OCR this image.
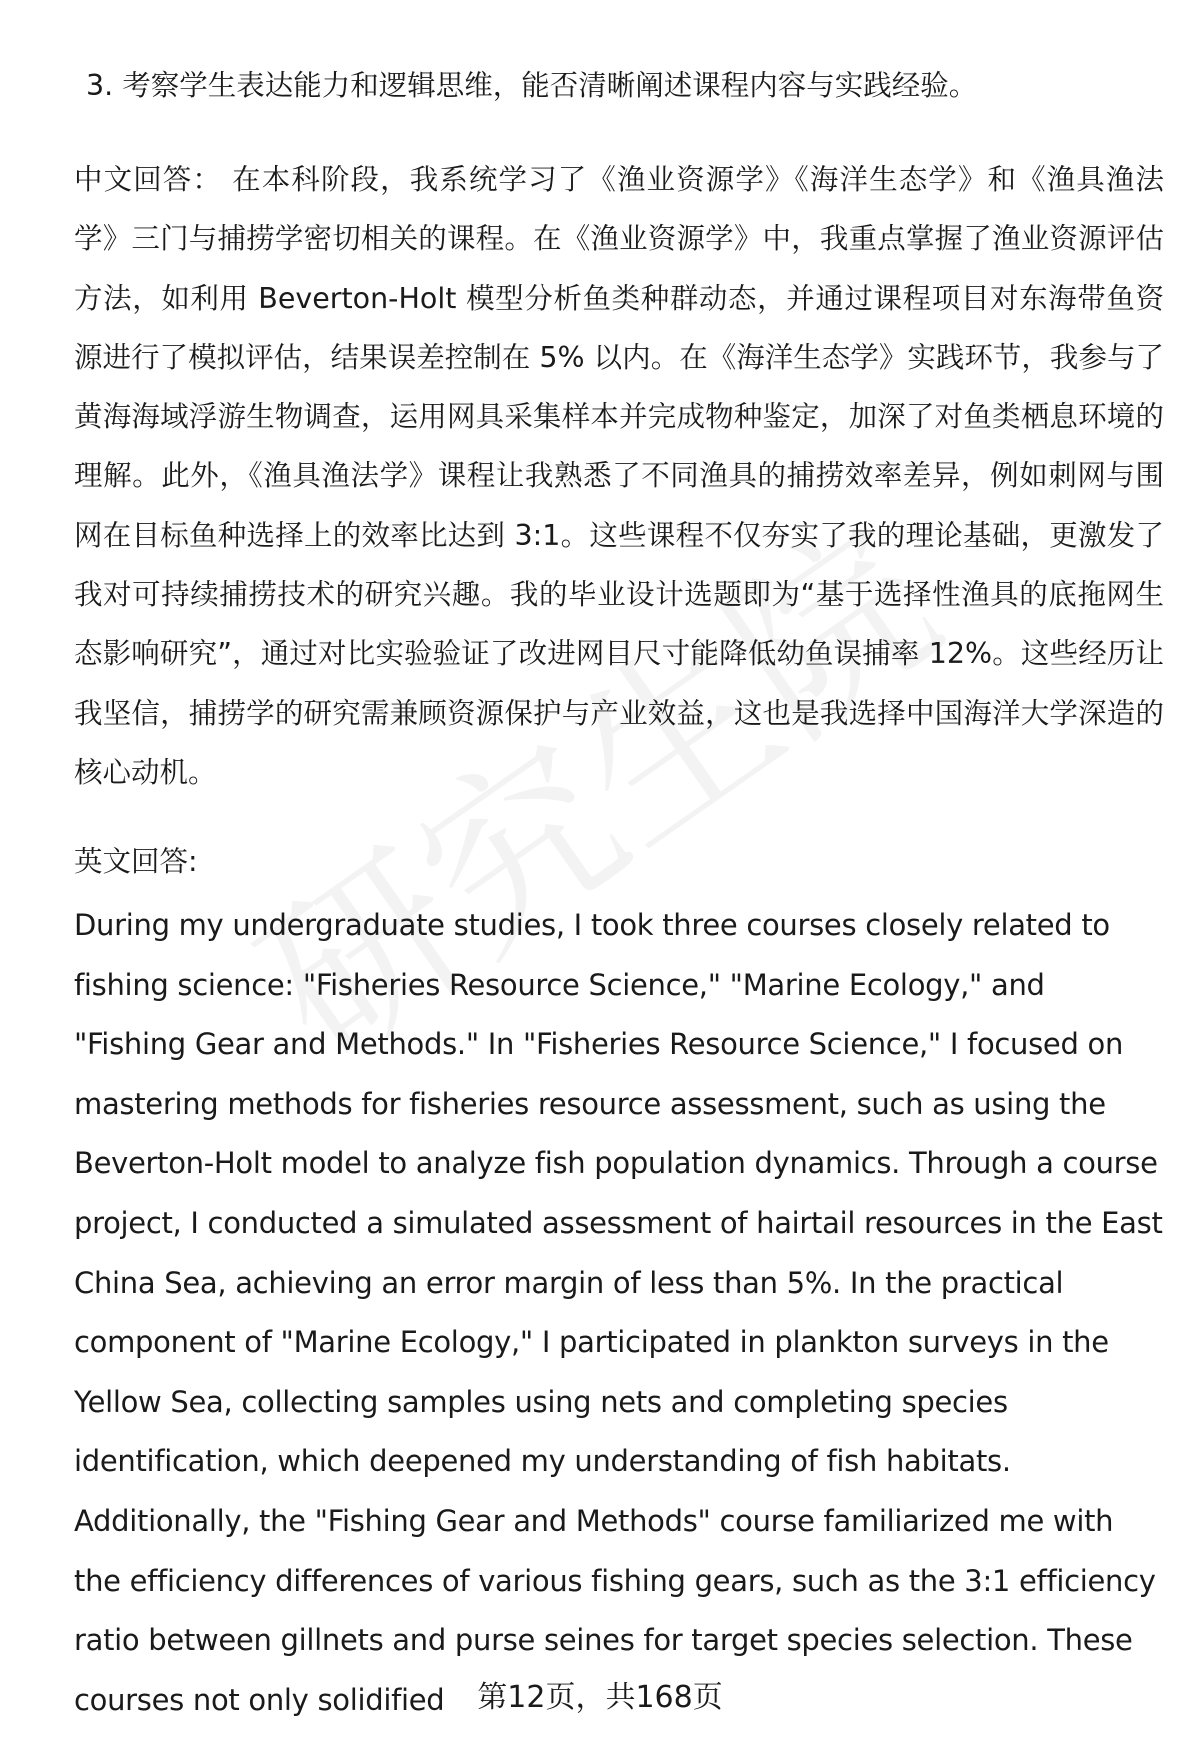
3. 考察学生表达能力和逻辑思维，能否清晰阐述课程内容与实践经验。

中文回答： 在本科阶段，我系统学习了《渔业资源学》《海洋生态学》和《渔具渔法学》三门与捕捞学密切相关的课程。在《渔业资源学》中，我重点掌握了渔业资源评估方法，如利用 Beverton-Holt 模型分析鱼类种群动态，并通过课程项目对东海带鱼资源进行了模拟评估，结果误差控制在 5% 以内。在《海洋生态学》实践环节，我参与了黄海海域浮游生物调查，运用网具采集样本并完成物种鉴定，加深了对鱼类栖息环境的理解。此外，《渔具渔法学》课程让我熟悉了不同渔具的捕捞效率差异，例如刺网与围网在目标鱼种选择上的效率比达到 3:1。这些课程不仅夯实了我的理论基础，更激发了我对可持续捕捞技术的研究兴趣。我的毕业设计选题即为“基于选择性渔具的底拖网生态影响研究”，通过对比实验验证了改进网目尺寸能降低幼鱼误捕率 12%。这些经历让我坚信，捕捞学的研究需兼顾资源保护与产业效益，这也是我选择中国海洋大学深造的核心动机。

英文回答:

During my undergraduate studies, I took three courses closely related to fishing science: "Fisheries Resource Science," "Marine Ecology," and "Fishing Gear and Methods." In "Fisheries Resource Science," I focused on mastering methods for fisheries resource assessment, such as using the Beverton-Holt model to analyze fish population dynamics. Through a course project, I conducted a simulated assessment of hairtail resources in the East China Sea, achieving an error margin of less than 5%. In the practical component of "Marine Ecology," I participated in plankton surveys in the Yellow Sea, collecting samples using nets and completing species identification, which deepened my understanding of fish habitats. Additionally, the "Fishing Gear and Methods" course familiarized me with the efficiency differences of various fishing gears, such as the 3:1 efficiency ratio between gillnets and purse seines for target species selection. These courses not only solidified	第12页，共168页
